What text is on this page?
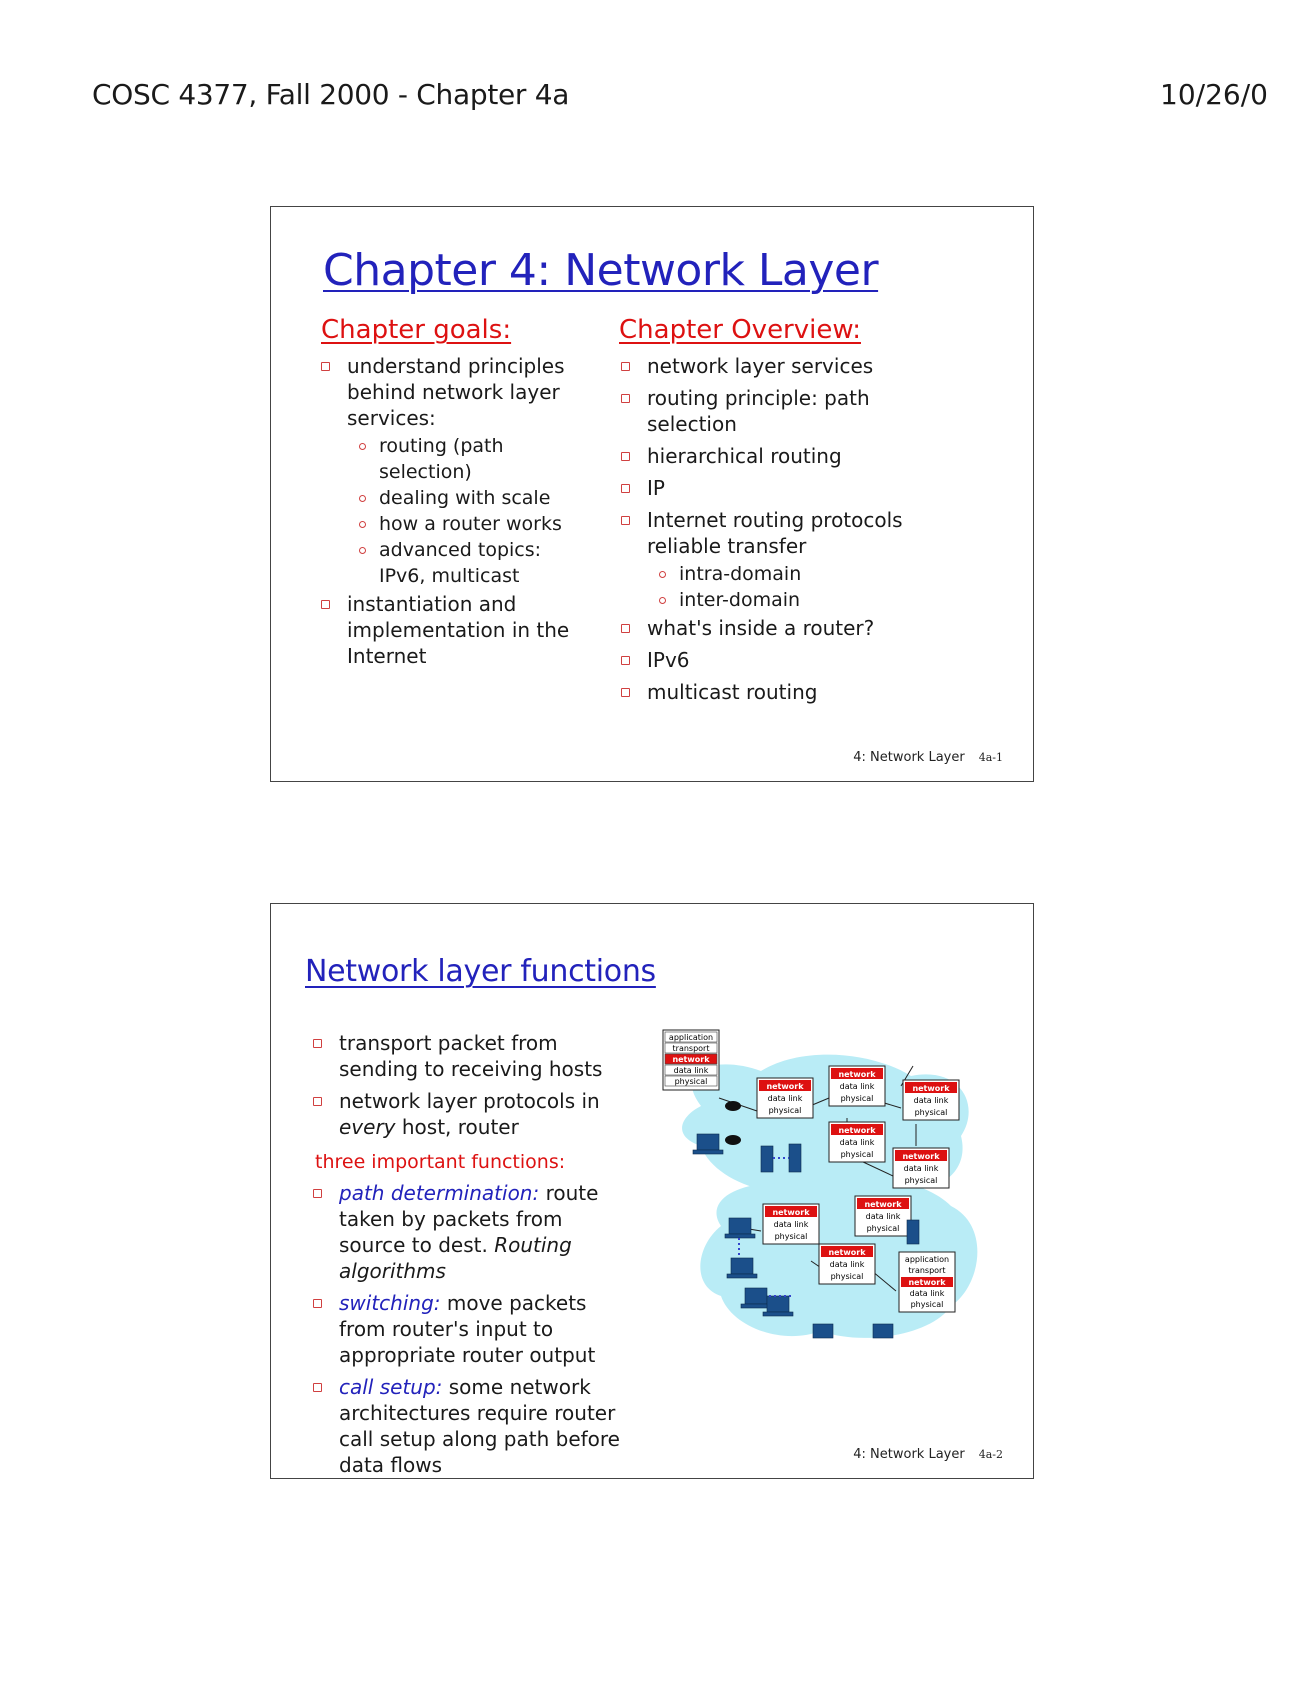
COSC 4377, Fall 2000 - Chapter 4a	10/26/0
Chapter 4: Network Layer
Chapter goals:
understand principles behind network layer services:
routing (path selection)
dealing with scale
how a router works
advanced topics: IPv6, multicast
instantiation and implementation in the Internet
Chapter Overview:
network layer services
routing principle: path selection
hierarchical routing
IP
Internet routing protocols reliable transfer
intra-domain
inter-domain
what's inside a router?
IPv6
multicast routing
4: Network Layer 4a-1
Network layer functions
transport packet from sending to receiving hosts
network layer protocols in every host, router
three important functions:
path determination: route taken by packets from source to dest. Routing algorithms
switching: move packets from router's input to appropriate router output
call setup: some network architectures require router call setup along path before data flows
application
transport
network
data link
physical
network
data link
physical
network
data link
physical
network
data link
physical
network
data link
physical	network
data link
physical
network
data link
physical
network
data link
physical
network
data link
physical
application
transport
network
data link
physical
4: Network Layer 4a-2
